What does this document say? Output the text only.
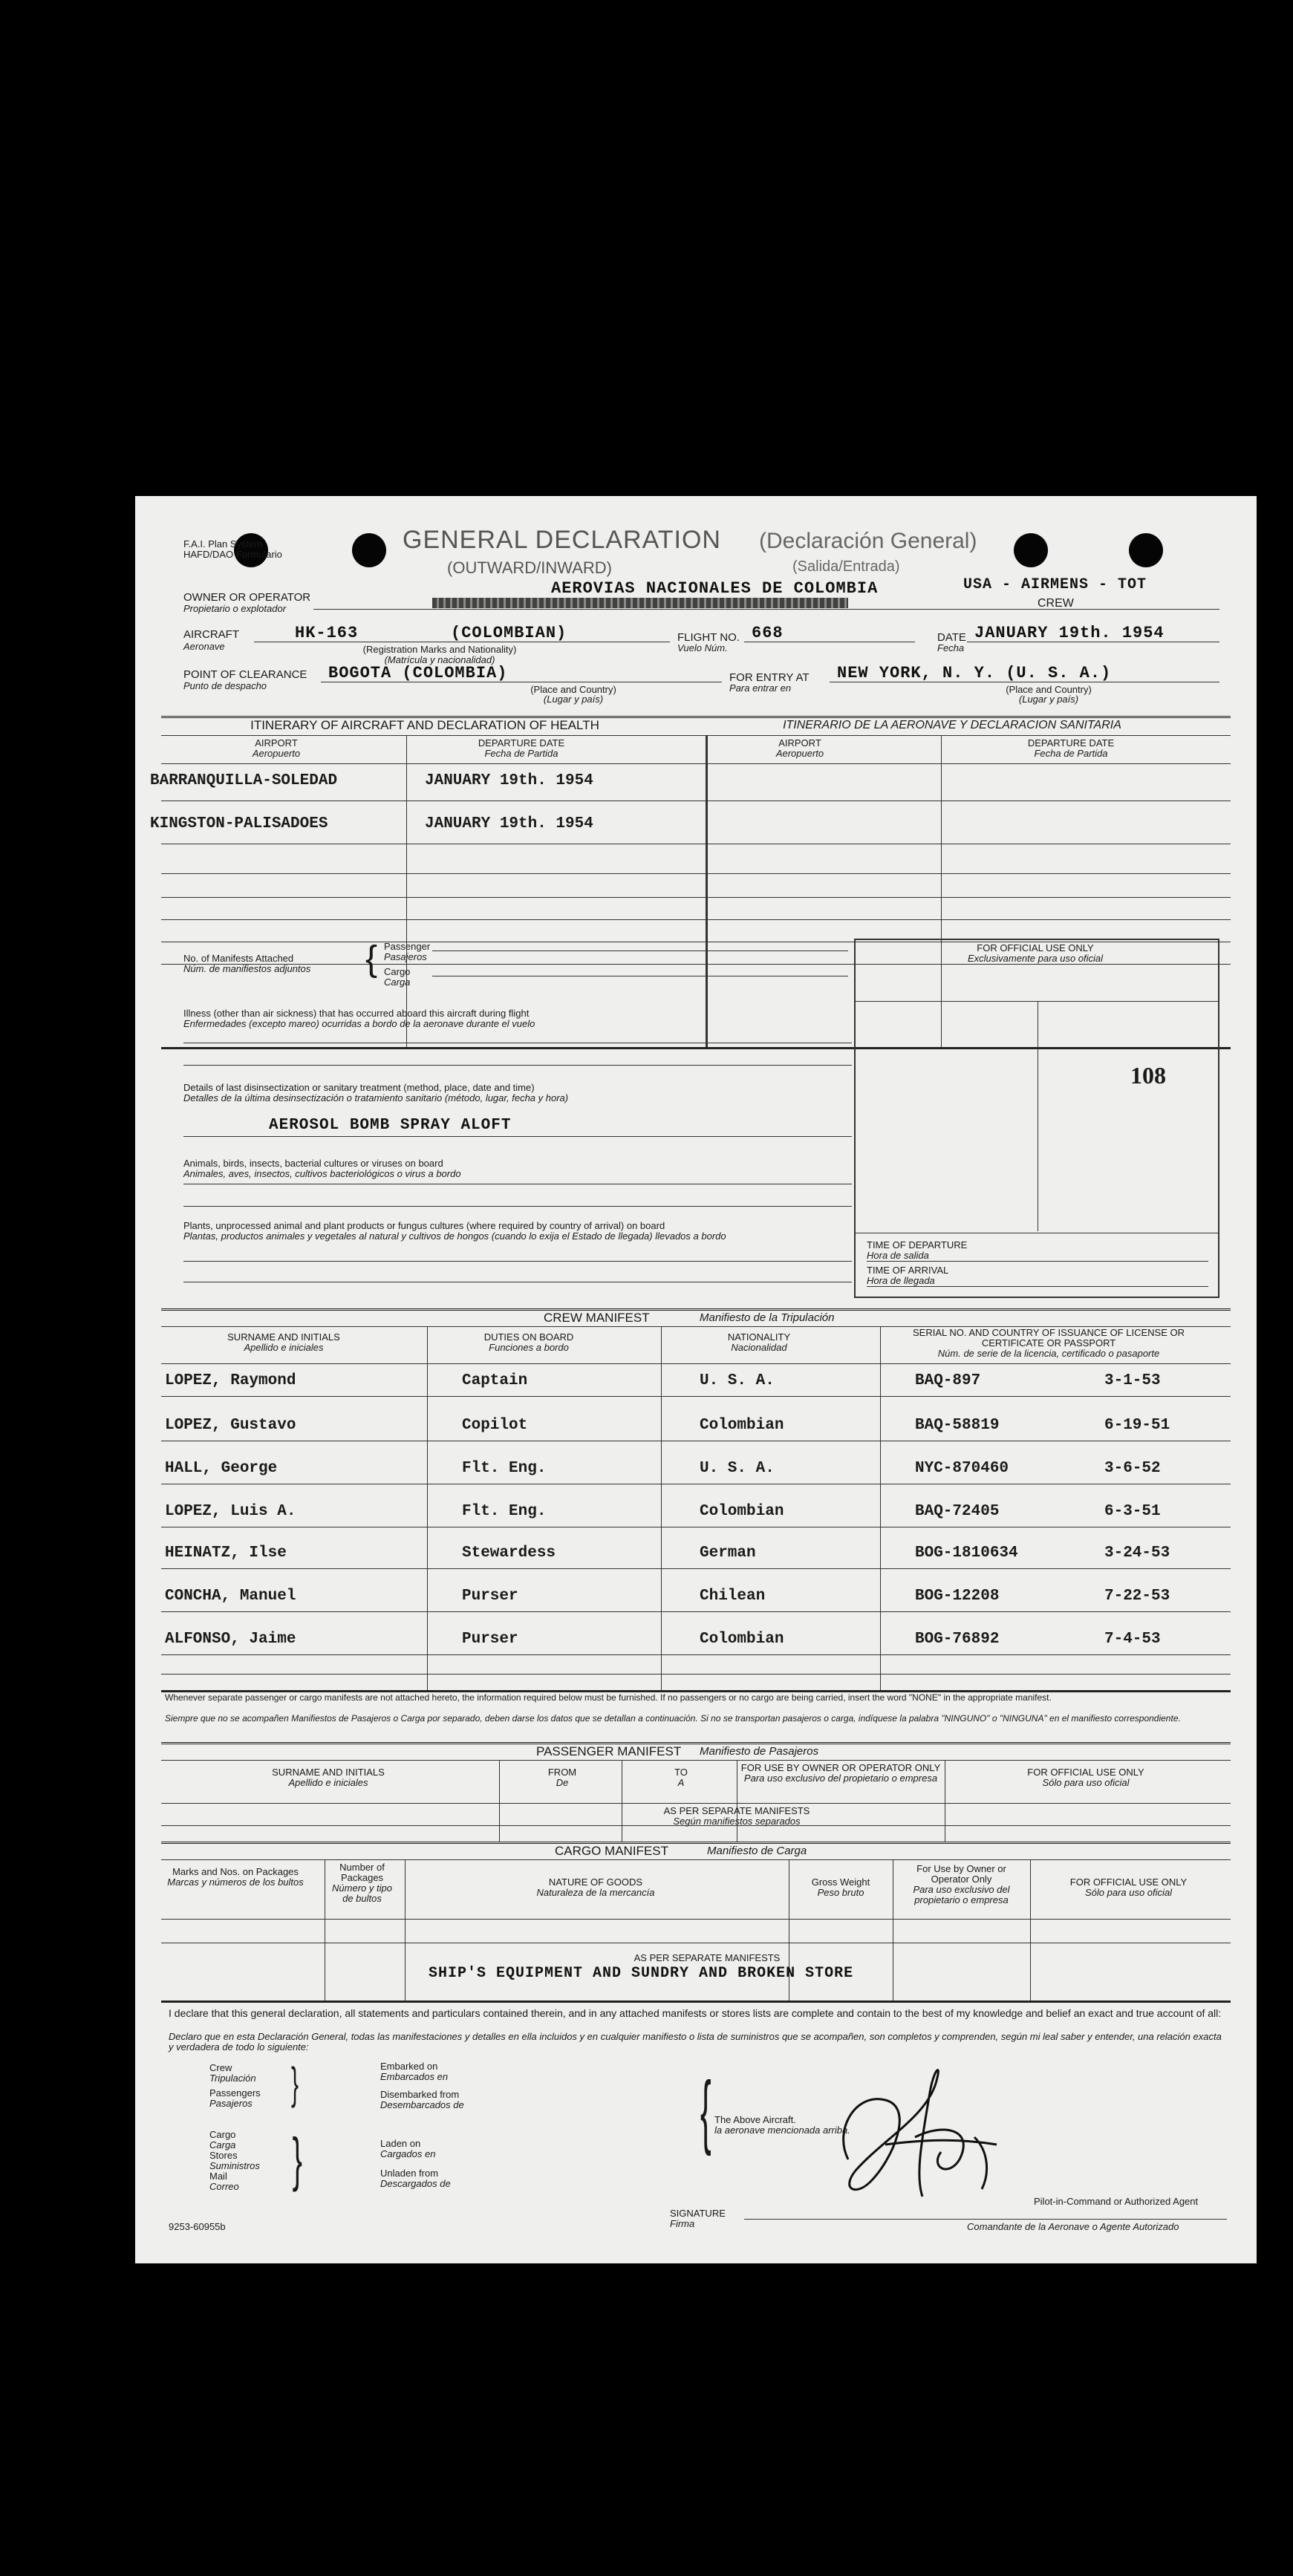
F.A.I. Plan System
HAFD/DAO Formulario
GENERAL DECLARATION
(OUTWARD/INWARD)
(Declaración General)
(Salida/Entrada)
USA - AIRMENS - TOT
CREW
OWNER OR OPERATOR
Propietario o explotador
AEROVIAS NACIONALES DE COLOMBIA
AIRCRAFT
Aeronave
HK-163	(COLOMBIAN)
(Registration Marks and Nationality)
(Matrícula y nacionalidad)
FLIGHT NO.
Vuelo Núm.
668	DATE
Fecha
JANUARY 19th. 1954
POINT OF CLEARANCE
Punto de despacho
BOGOTA (COLOMBIA)
(Place and Country)
(Lugar y país)
FOR ENTRY AT
Para entrar en
NEW YORK, N. Y. (U. S. A.)
(Place and Country)
(Lugar y país)
ITINERARY OF AIRCRAFT AND DECLARATION OF HEALTH	ITINERARIO DE LA AERONAVE Y DECLARACION SANITARIA
AIRPORT
Aeropuerto
DEPARTURE DATE
Fecha de Partida
AIRPORT
Aeropuerto
DEPARTURE DATE
Fecha de Partida
BARRANQUILLA-SOLEDAD	JANUARY 19th. 1954
KINGSTON-PALISADOES	JANUARY 19th. 1954
No. of Manifests Attached
Núm. de manifiestos adjuntos { Passenger
Pasajeros
Cargo
Carga
Illness (other than air sickness) that has occurred aboard this aircraft during flight
Enfermedades (excepto mareo) ocurridas a bordo de la aeronave durante el vuelo
Details of last disinsectization or sanitary treatment (method, place, date and time)
Detalles de la última desinsectización o tratamiento sanitario (método, lugar, fecha y hora)
AEROSOL BOMB SPRAY ALOFT
Animals, birds, insects, bacterial cultures or viruses on board
Animales, aves, insectos, cultivos bacteriológicos o virus a bordo
Plants, unprocessed animal and plant products or fungus cultures (where required by country of arrival) on board
Plantas, productos animales y vegetales al natural y cultivos de hongos (cuando lo exija el Estado de llegada) llevados a bordo
FOR OFFICIAL USE ONLY
Exclusivamente para uso oficial
108
TIME OF DEPARTURE
Hora de salida
TIME OF ARRIVAL
Hora de llegada
CREW MANIFEST	Manifiesto de la Tripulación
SURNAME AND INITIALS
Apellido e iniciales
DUTIES ON BOARD
Funciones a bordo
NATIONALITY
Nacionalidad
SERIAL NO. AND COUNTRY OF ISSUANCE OF LICENSE OR CERTIFICATE OR PASSPORT
Núm. de serie de la licencia, certificado o pasaporte
LOPEZ, Raymond	Captain	U. S. A.	BAQ-897	3-1-53
LOPEZ, Gustavo	Copilot	Colombian	BAQ-58819	6-19-51
HALL, George	Flt. Eng.	U. S. A.	NYC-870460	3-6-52
LOPEZ, Luis A.	Flt. Eng.	Colombian	BAQ-72405	6-3-51
HEINATZ, Ilse	Stewardess	German	BOG-1810634	3-24-53
CONCHA, Manuel	Purser	Chilean	BOG-12208	7-22-53
ALFONSO, Jaime	Purser	Colombian	BOG-76892	7-4-53
Whenever separate passenger or cargo manifests are not attached hereto, the information required below must be furnished. If no passengers or no cargo are being carried, insert the word "NONE" in the appropriate manifest.
Siempre que no se acompañen Manifiestos de Pasajeros o Carga por separado, deben darse los datos que se detallan a continuación. Si no se transportan pasajeros o carga, indíquese la palabra "NINGUNO" o "NINGUNA" en el manifiesto correspondiente.
PASSENGER MANIFEST Manifiesto de Pasajeros
SURNAME AND INITIALS
Apellido e iniciales
FROM
De
TO
A
FOR USE BY OWNER OR OPERATOR ONLY
Para uso exclusivo del propietario o empresa
FOR OFFICIAL USE ONLY
Sólo para uso oficial
AS PER SEPARATE MANIFESTS
Según manifiestos separados
CARGO MANIFEST	Manifiesto de Carga
Marks and Nos. on Packages
Marcas y números de los bultos
Number of Packages
Número y tipo de bultos
NATURE OF GOODS
Naturaleza de la mercancía
Gross Weight
Peso bruto
For Use by Owner or Operator Only
Para uso exclusivo del propietario o empresa
FOR OFFICIAL USE ONLY
Sólo para uso oficial
AS PER SEPARATE MANIFESTS
SHIP'S EQUIPMENT AND SUNDRY AND BROKEN STORE
I declare that this general declaration, all statements and particulars contained therein, and in any attached manifests or stores lists are complete and contain to the best of my knowledge and belief an exact and true account of all:
Declaro que en esta Declaración General, todas las manifestaciones y detalles en ella incluidos y en cualquier manifiesto o lista de suministros que se acompañen, son completos y comprenden, según mi leal saber y entender, una relación exacta y verdadera de todo lo siguiente:
Crew
Tripulación
Passengers
Pasajeros }
Cargo
Carga
Stores
Suministros
Mail
Correo }
Embarked on
Embarcados en
Disembarked from
Desembarcados de
Laden on
Cargados en
Unladen from
Descargados de
{ The Above Aircraft.
la aeronave mencionada arriba.
SIGNATURE
Firma
Pilot-in-Command or Authorized Agent
Comandante de la Aeronave o Agente Autorizado
9253-60955b
